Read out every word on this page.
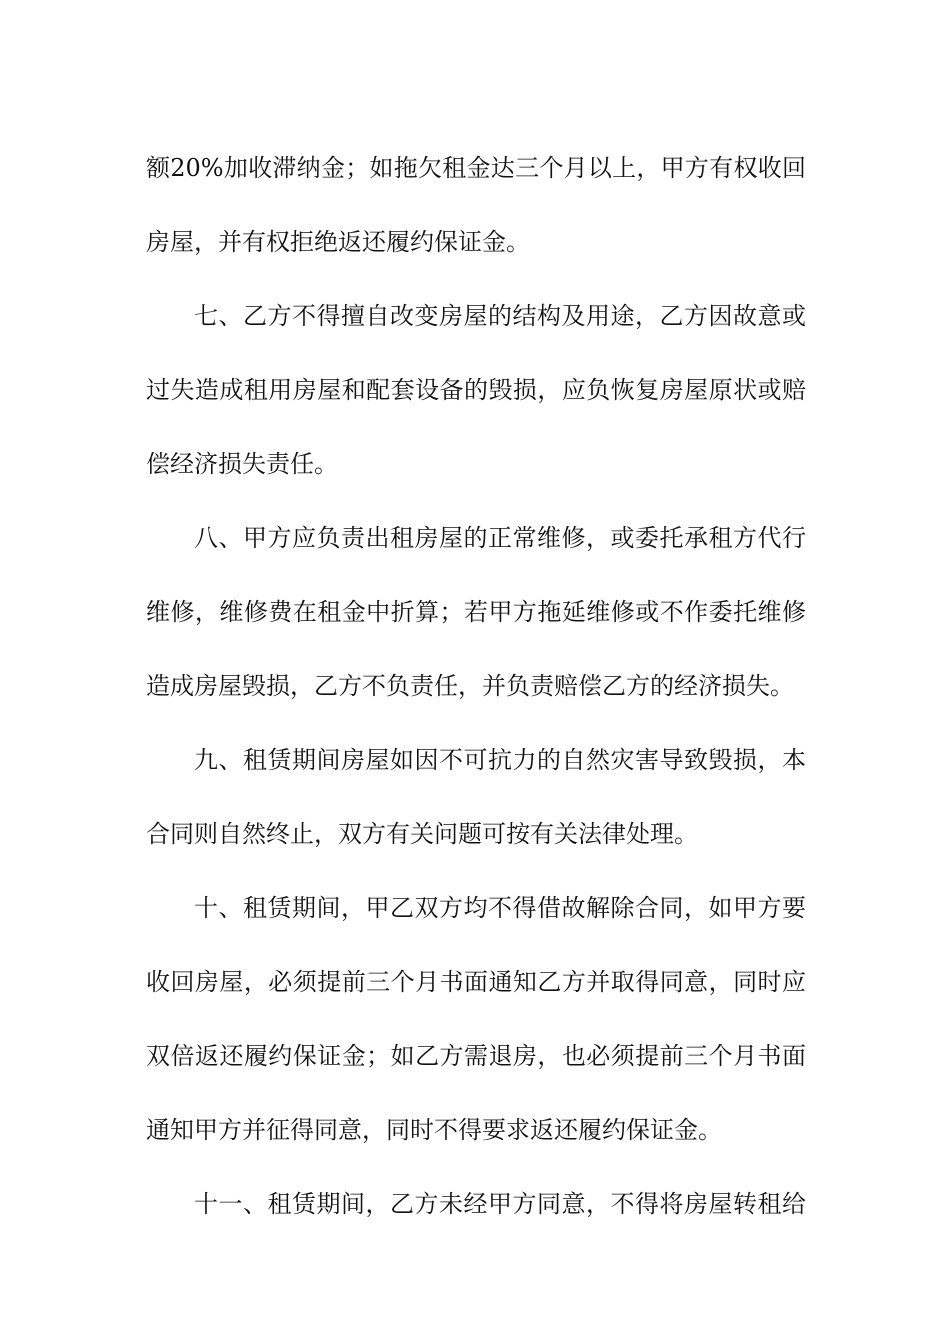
额20%加收滞纳金；如拖欠租金达三个月以上，甲方有权收回
房屋，并有权拒绝返还履约保证金。
七、乙方不得擅自改变房屋的结构及用途，乙方因故意或
过失造成租用房屋和配套设备的毁损，应负恢复房屋原状或赔
偿经济损失责任。
八、甲方应负责出租房屋的正常维修，或委托承租方代行
维修，维修费在租金中折算；若甲方拖延维修或不作委托维修
造成房屋毁损，乙方不负责任，并负责赔偿乙方的经济损失。
九、租赁期间房屋如因不可抗力的自然灾害导致毁损，本
合同则自然终止，双方有关问题可按有关法律处理。
十、租赁期间，甲乙双方均不得借故解除合同，如甲方要
收回房屋，必须提前三个月书面通知乙方并取得同意，同时应
双倍返还履约保证金；如乙方需退房，也必须提前三个月书面
通知甲方并征得同意，同时不得要求返还履约保证金。
十一、租赁期间，乙方未经甲方同意，不得将房屋转租给
